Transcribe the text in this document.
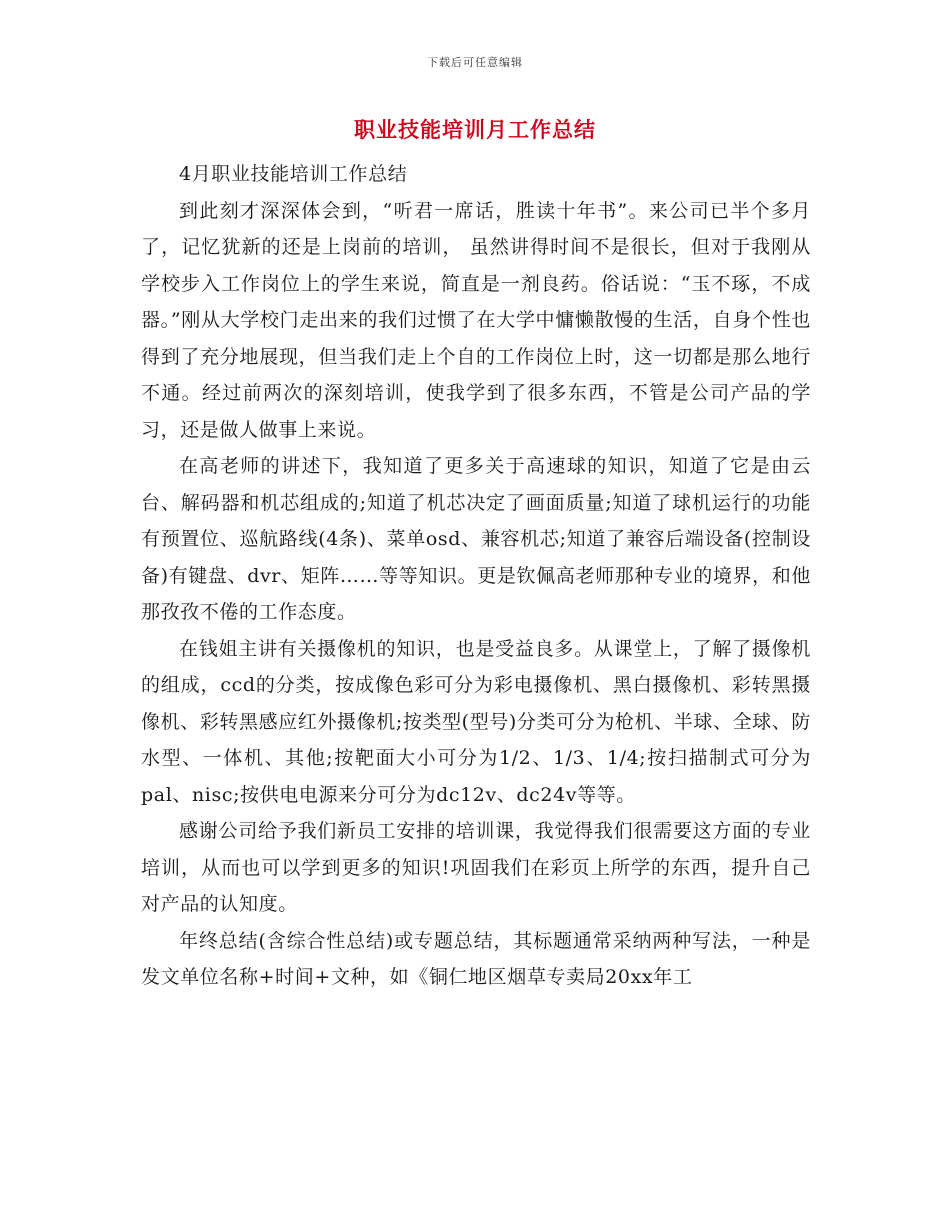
下载后可任意编辑
职业技能培训月工作总结

4月职业技能培训工作总结

到此刻才深深体会到，“听君一席话，胜读十年书”。来公司已半个多月了，记忆犹新的还是上岗前的培训， 虽然讲得时间不是很长，但对于我刚从学校步入工作岗位上的学生来说，简直是一剂良药。俗话说：“玉不琢，不成器。”刚从大学校门走出来的我们过惯了在大学中慵懒散慢的生活，自身个性也得到了充分地展现，但当我们走上个自的工作岗位上时，这一切都是那么地行不通。经过前两次的深刻培训，使我学到了很多东西，不管是公司产品的学习，还是做人做事上来说。

在高老师的讲述下，我知道了更多关于高速球的知识，知道了它是由云台、解码器和机芯组成的;知道了机芯决定了画面质量;知道了球机运行的功能有预置位、巡航路线(4条)、菜单osd、兼容机芯;知道了兼容后端设备(控制设备)有键盘、dvr、矩阵……等等知识。更是钦佩高老师那种专业的境界，和他那孜孜不倦的工作态度。

在钱姐主讲有关摄像机的知识，也是受益良多。从课堂上，了解了摄像机的组成，ccd的分类，按成像色彩可分为彩电摄像机、黑白摄像机、彩转黑摄像机、彩转黑感应红外摄像机;按类型(型号)分类可分为枪机、半球、全球、防水型、一体机、其他;按靶面大小可分为1/2、1/3、1/4;按扫描制式可分为pal、nisc;按供电电源来分可分为dc12v、dc24v等等。

感谢公司给予我们新员工安排的培训课，我觉得我们很需要这方面的专业培训，从而也可以学到更多的知识!巩固我们在彩页上所学的东西，提升自己对产品的认知度。

年终总结(含综合性总结)或专题总结，其标题通常采纳两种写法，一种是发文单位名称+时间+文种，如《铜仁地区烟草专卖局20xx年工
